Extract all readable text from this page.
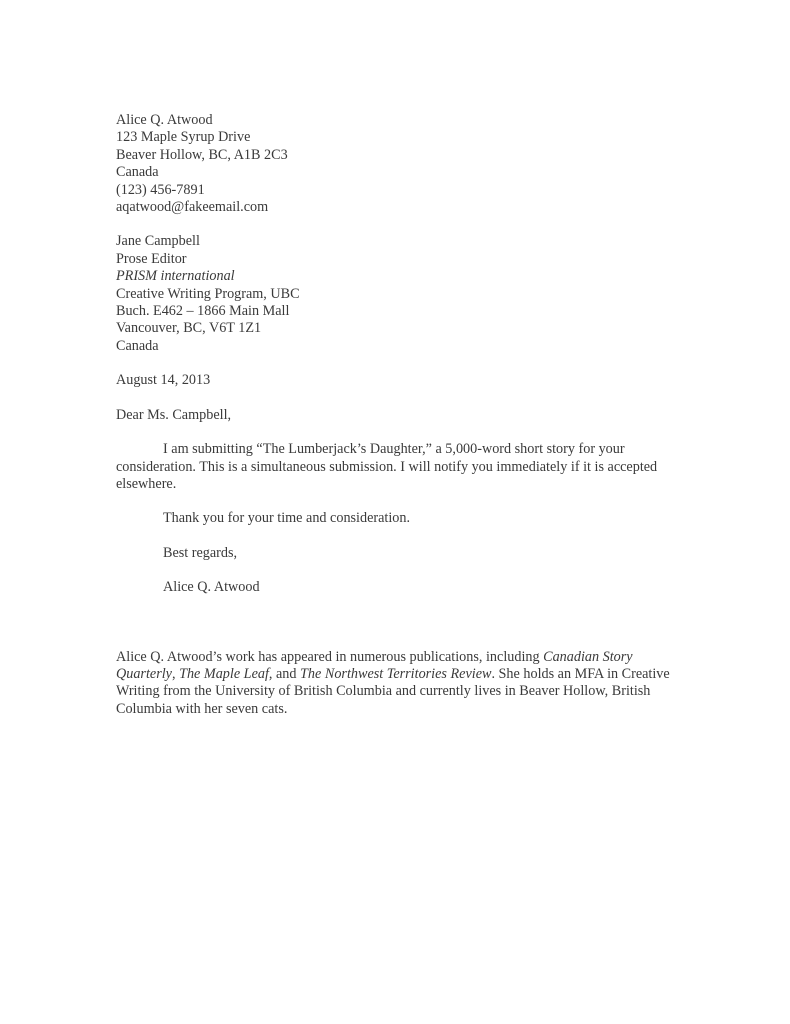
Alice Q. Atwood
123 Maple Syrup Drive
Beaver Hollow, BC, A1B 2C3
Canada
(123) 456-7891
aqatwood@fakeemail.com
Jane Campbell
Prose Editor
PRISM international
Creative Writing Program, UBC
Buch. E462 – 1866 Main Mall
Vancouver, BC, V6T 1Z1
Canada
August 14, 2013
Dear Ms. Campbell,

I am submitting “The Lumberjack’s Daughter,” a 5,000-word short story for your consideration. This is a simultaneous submission. I will notify you immediately if it is accepted elsewhere.

Thank you for your time and consideration.
Best regards,
Alice Q. Atwood

Alice Q. Atwood’s work has appeared in numerous publications, including Canadian Story Quarterly, The Maple Leaf, and The Northwest Territories Review. She holds an MFA in Creative Writing from the University of British Columbia and currently lives in Beaver Hollow, British Columbia with her seven cats.
